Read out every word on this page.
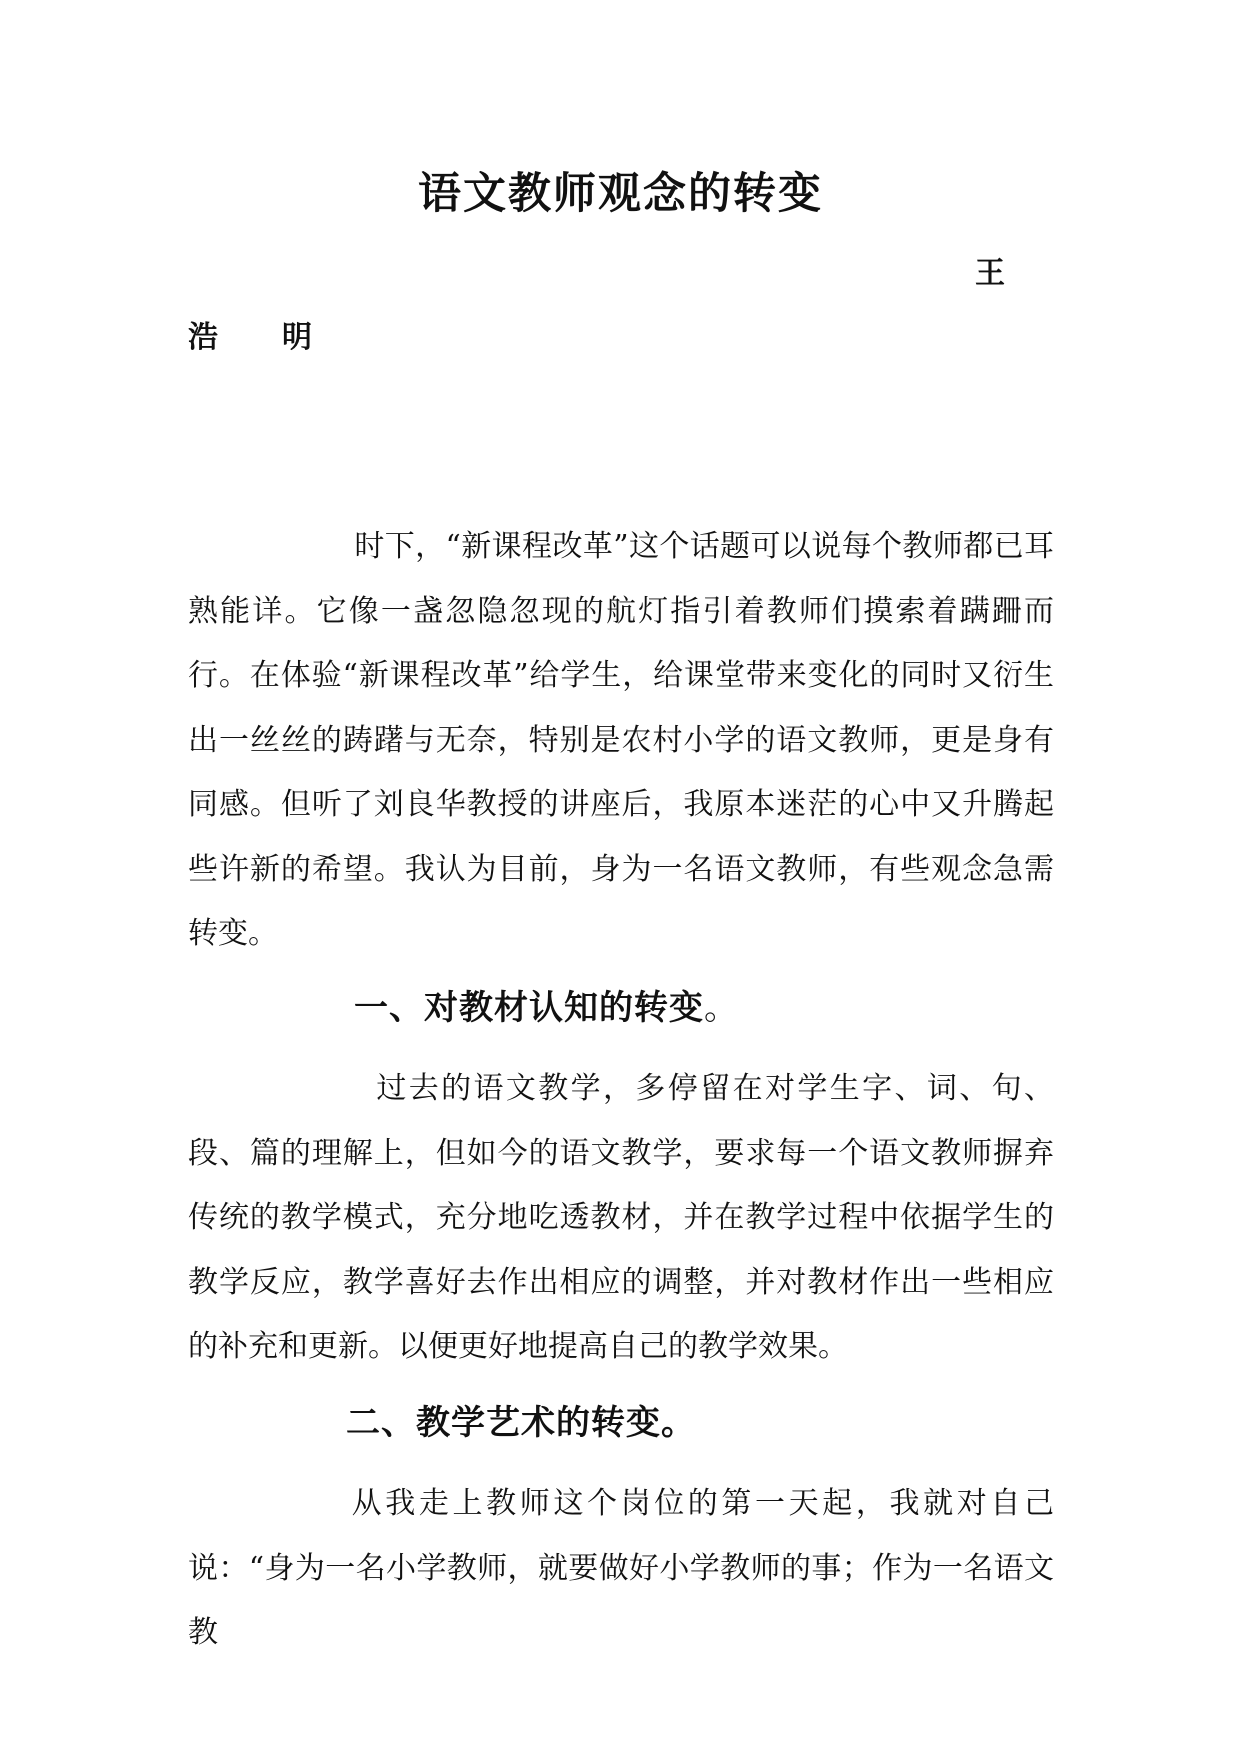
语文教师观念的转变
王
浩 明
时下，“新课程改革”这个话题可以说每个教师都已耳熟能详。它像一盏忽隐忽现的航灯指引着教师们摸索着蹒跚而行。在体验“新课程改革”给学生，给课堂带来变化的同时又衍生出一丝丝的踌躇与无奈，特别是农村小学的语文教师，更是身有同感。但听了刘良华教授的讲座后，我原本迷茫的心中又升腾起些许新的希望。我认为目前，身为一名语文教师，有些观念急需转变。
一、对教材认知的转变。
过去的语文教学，多停留在对学生字、词、句、段、篇的理解上，但如今的语文教学，要求每一个语文教师摒弃传统的教学模式，充分地吃透教材，并在教学过程中依据学生的教学反应，教学喜好去作出相应的调整，并对教材作出一些相应的补充和更新。以便更好地提高自己的教学效果。
二、教学艺术的转变。
从我走上教师这个岗位的第一天起，我就对自己说：“身为一名小学教师，就要做好小学教师的事；作为一名语文教
